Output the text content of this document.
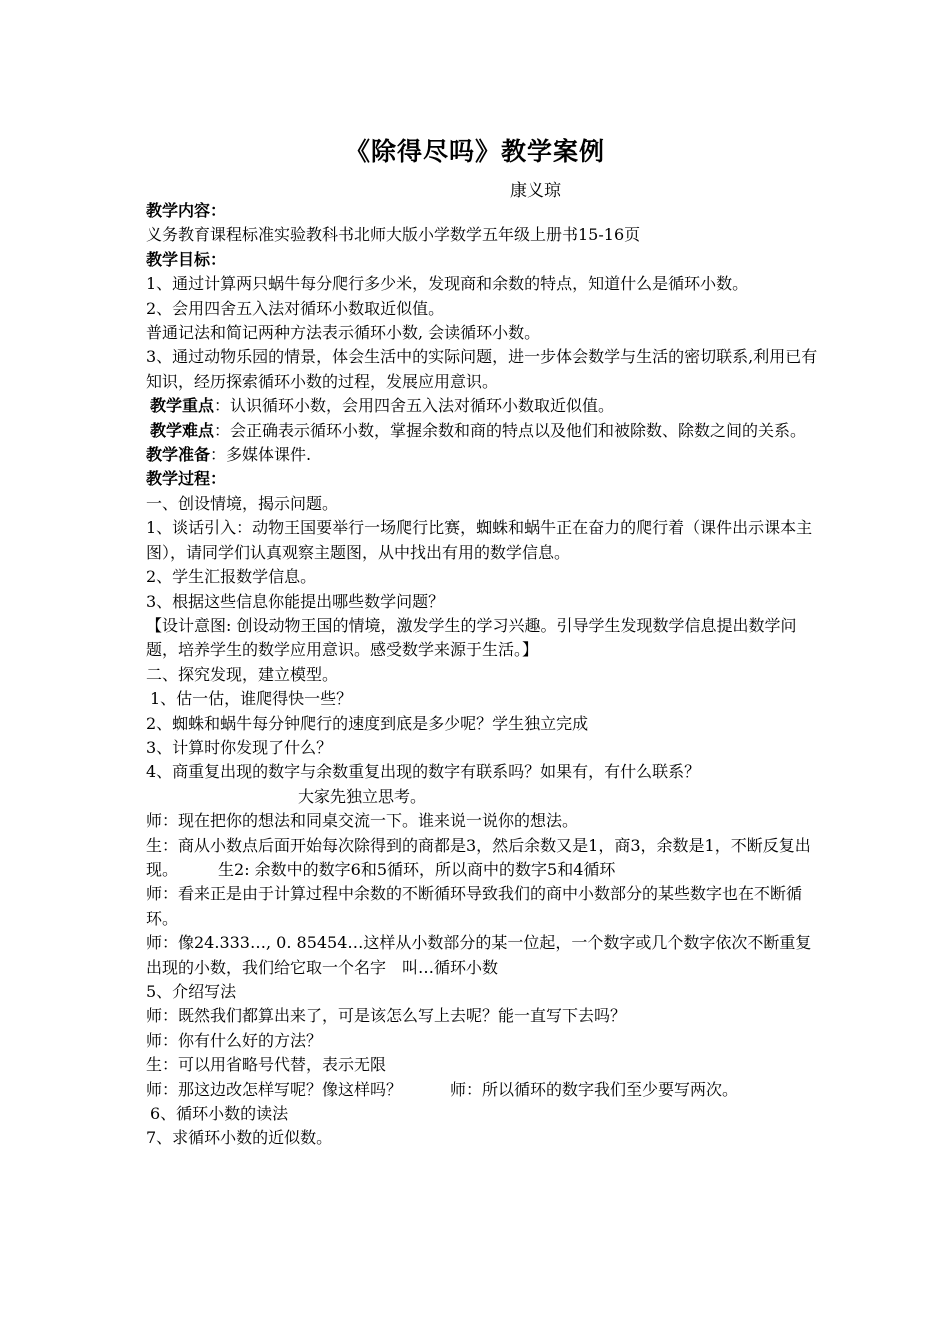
《除得尽吗》教学案例
康义琼

教学内容：

义务教育课程标准实验教科书北师大版小学数学五年级上册书15-16页

教学目标：

1、通过计算两只蜗牛每分爬行多少米，发现商和余数的特点，知道什么是循环小数。

2、会用四舍五入法对循环小数取近似值。

普通记法和简记两种方法表示循环小数, 会读循环小数。

3、通过动物乐园的情景，体会生活中的实际问题，进一步体会数学与生活的密切联系,利用已有知识，经历探索循环小数的过程，发展应用意识。

教学重点：认识循环小数，会用四舍五入法对循环小数取近似值。

教学难点：会正确表示循环小数，掌握余数和商的特点以及他们和被除数、除数之间的关系。

教学准备：多媒体课件.

教学过程：

一、创设情境，揭示问题。

1、谈话引入：动物王国要举行一场爬行比赛，蜘蛛和蜗牛正在奋力的爬行着（课件出示课本主图），请同学们认真观察主题图，从中找出有用的数学信息。

2、学生汇报数学信息。

3、根据这些信息你能提出哪些数学问题？

【设计意图: 创设动物王国的情境，激发学生的学习兴趣。引导学生发现数学信息提出数学问题，培养学生的数学应用意识。感受数学来源于生活。】

二、探究发现，建立模型。

1、估一估，谁爬得快一些？

2、蜘蛛和蜗牛每分钟爬行的速度到底是多少呢？学生独立完成

3、计算时你发现了什么？

4、商重复出现的数字与余数重复出现的数字有联系吗？如果有，有什么联系？

大家先独立思考。

师：现在把你的想法和同桌交流一下。谁来说一说你的想法。

生：商从小数点后面开始每次除得到的商都是3，然后余数又是1，商3，余数是1，不断反复出现。	生2: 余数中的数字6和5循环，所以商中的数字5和4循环

师：看来正是由于计算过程中余数的不断循环导致我们的商中小数部分的某些数字也在不断循环。

师：像24.333…, 0. 85454…这样从小数部分的某一位起，一个数字或几个数字依次不断重复出现的小数，我们给它取一个名字　叫…循环小数

5、介绍写法

师：既然我们都算出来了，可是该怎么写上去呢？能一直写下去吗？

师：你有什么好的方法？

生：可以用省略号代替，表示无限

师：那这边改怎样写呢？像这样吗？	师：所以循环的数字我们至少要写两次。

6、循环小数的读法

7、求循环小数的近似数。
